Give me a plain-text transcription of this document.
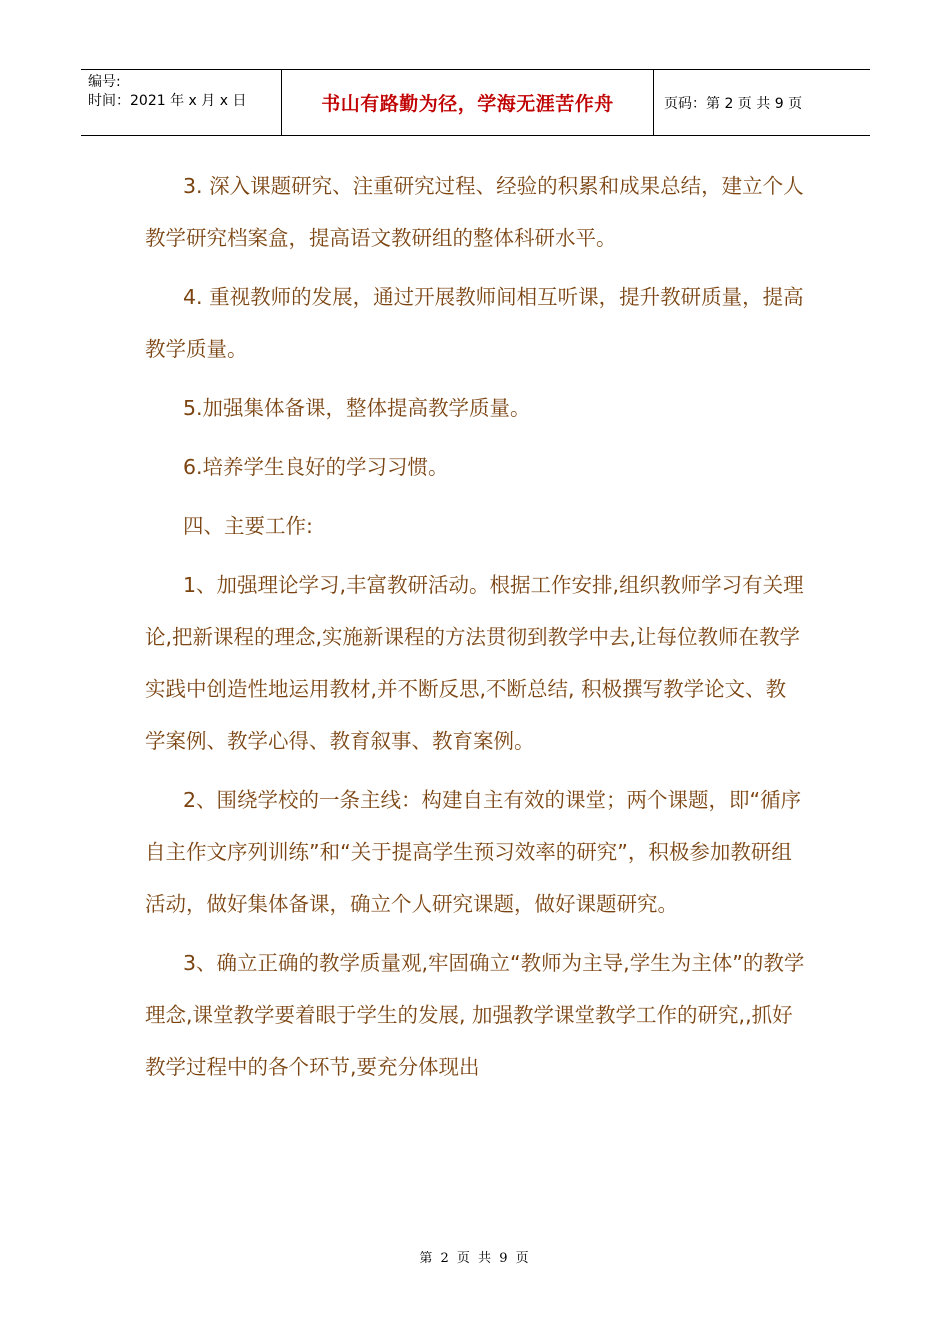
编号:
时间：2021 年 x 月 x 日	书山有路勤为径，学海无涯苦作舟	页码：第 2 页 共 9 页

3. 深入课题研究、注重研究过程、经验的积累和成果总结，建立个人教学研究档案盒，提高语文教研组的整体科研水平。

4. 重视教师的发展，通过开展教师间相互听课，提升教研质量，提高教学质量。

5.加强集体备课，整体提高教学质量。

6.培养学生良好的学习习惯。

四、主要工作:

1、加强理论学习,丰富教研活动。根据工作安排,组织教师学习有关理论,把新课程的理念,实施新课程的方法贯彻到教学中去,让每位教师在教学实践中创造性地运用教材,并不断反思,不断总结, 积极撰写教学论文、教学案例、教学心得、教育叙事、教育案例。

2、围绕学校的一条主线：构建自主有效的课堂；两个课题，即“循序自主作文序列训练”和“关于提高学生预习效率的研究”，积极参加教研组活动，做好集体备课，确立个人研究课题，做好课题研究。

3、确立正确的教学质量观,牢固确立“教师为主导,学生为主体”的教学理念,课堂教学要着眼于学生的发展, 加强教学课堂教学工作的研究,,抓好教学过程中的各个环节,要充分体现出

第 2 页 共 9 页
